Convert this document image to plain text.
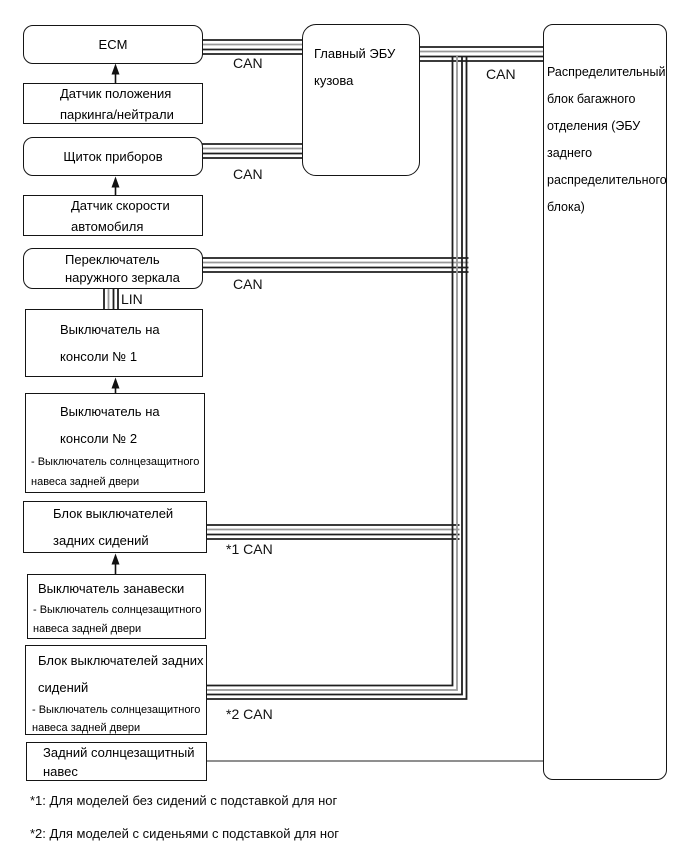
ECM
Датчик положения
паркинга/нейтрали
Щиток приборов
Датчик скорости
автомобиля
Переключатель
наружного зеркала
Выключатель на
консоли № 1
Выключатель на
консоли № 2
- Выключатель солнцезащитного
навеса задней двери
Блок выключателей
задних сидений
Выключатель занавески
- Выключатель солнцезащитного
навеса задней двери
Блок выключателей задних
сидений
- Выключатель солнцезащитного
навеса задней двери
Задний солнцезащитный
навес
Главный ЭБУ
кузова
Распределительный
блок багажного
отделения (ЭБУ
заднего
распределительного
блока)
CAN
CAN
CAN
CAN
LIN
*1 CAN
*2 CAN
*1: Для моделей без сидений с подставкой для ног
*2: Для моделей с сиденьями с подставкой для ног
